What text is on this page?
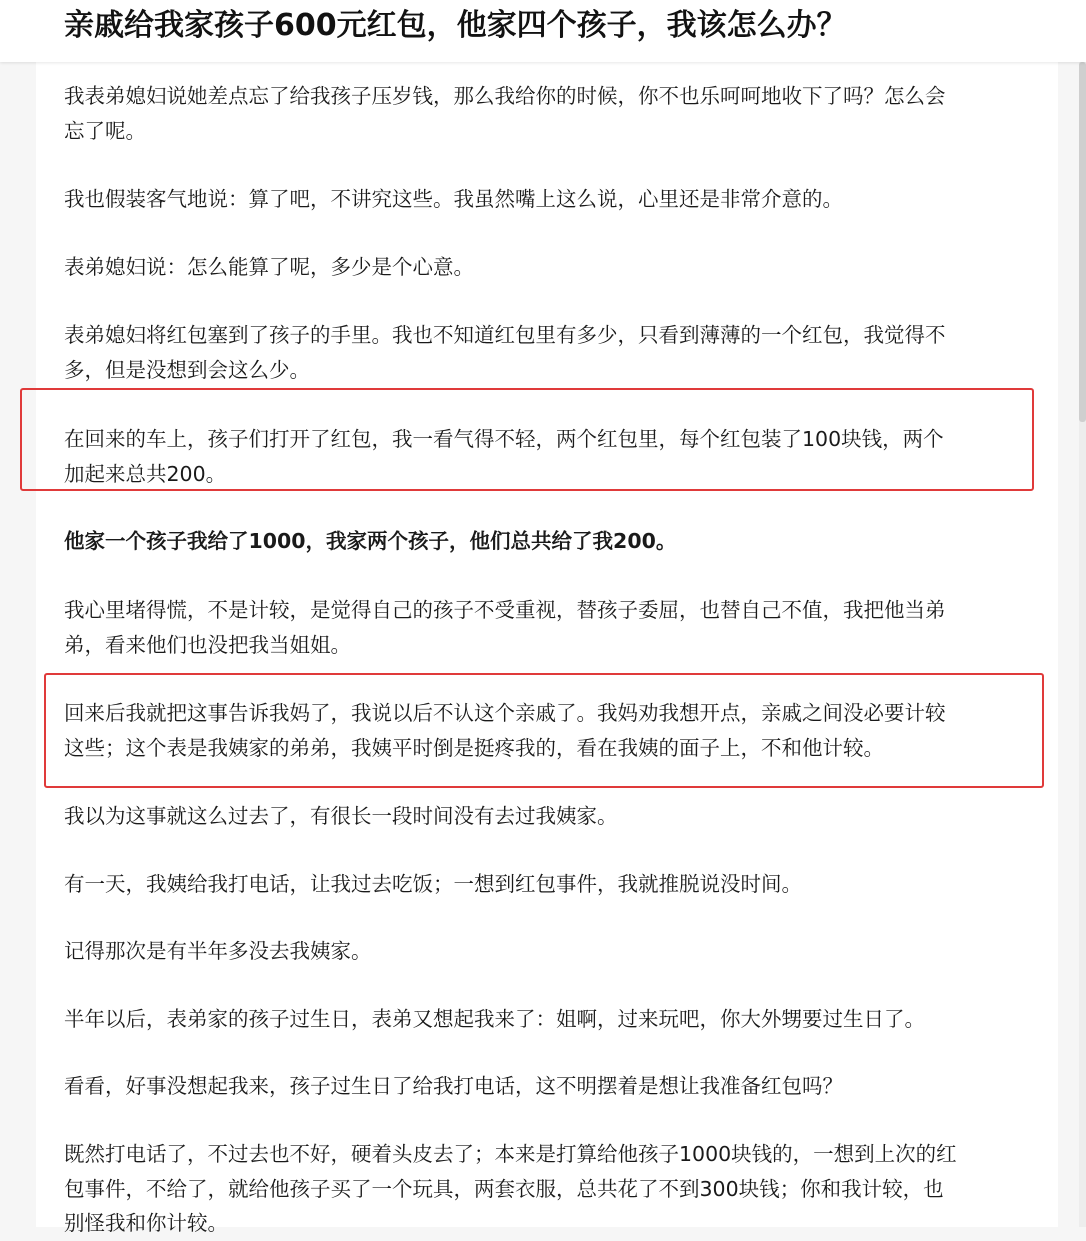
亲戚给我家孩子600元红包，他家四个孩子，我该怎么办？

我表弟媳妇说她差点忘了给我孩子压岁钱，那么我给你的时候，你不也乐呵呵地收下了吗？怎么会
忘了呢。

我也假装客气地说：算了吧，不讲究这些。我虽然嘴上这么说，心里还是非常介意的。

表弟媳妇说：怎么能算了呢，多少是个心意。

表弟媳妇将红包塞到了孩子的手里。我也不知道红包里有多少，只看到薄薄的一个红包，我觉得不
多，但是没想到会这么少。

在回来的车上，孩子们打开了红包，我一看气得不轻，两个红包里，每个红包装了100块钱，两个
加起来总共200。

他家一个孩子我给了1000，我家两个孩子，他们总共给了我200。

我心里堵得慌，不是计较，是觉得自己的孩子不受重视，替孩子委屈，也替自己不值，我把他当弟
弟，看来他们也没把我当姐姐。

回来后我就把这事告诉我妈了，我说以后不认这个亲戚了。我妈劝我想开点，亲戚之间没必要计较
这些；这个表是我姨家的弟弟，我姨平时倒是挺疼我的，看在我姨的面子上，不和他计较。

我以为这事就这么过去了，有很长一段时间没有去过我姨家。

有一天，我姨给我打电话，让我过去吃饭；一想到红包事件，我就推脱说没时间。

记得那次是有半年多没去我姨家。

半年以后，表弟家的孩子过生日，表弟又想起我来了：姐啊，过来玩吧，你大外甥要过生日了。

看看，好事没想起我来，孩子过生日了给我打电话，这不明摆着是想让我准备红包吗？

既然打电话了，不过去也不好，硬着头皮去了；本来是打算给他孩子1000块钱的，一想到上次的红
包事件，不给了，就给他孩子买了一个玩具，两套衣服，总共花了不到300块钱；你和我计较，也
别怪我和你计较。
